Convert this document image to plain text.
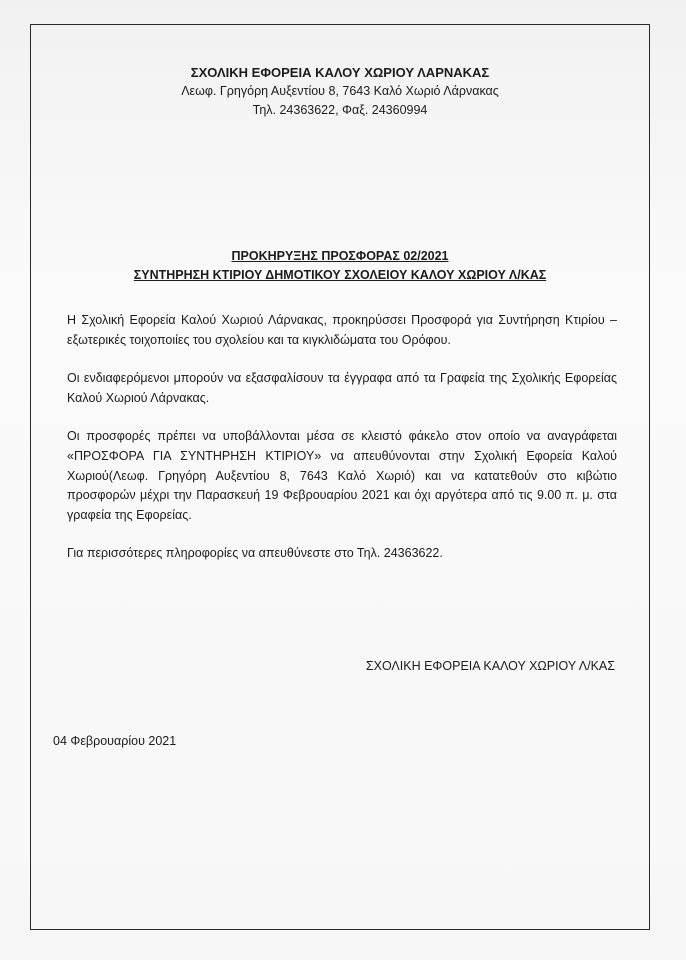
ΣΧΟΛΙΚΗ ΕΦΟΡΕΙΑ ΚΑΛΟΥ ΧΩΡΙΟΥ ΛΑΡΝΑΚΑΣ
Λεωφ. Γρηγόρη Αυξεντίου 8, 7643 Καλό Χωριό Λάρνακας
Τηλ. 24363622, Φαξ. 24360994
ΠΡΟΚΗΡΥΞΗΣ ΠΡΟΣΦΟΡΑΣ 02/2021
ΣΥΝΤΗΡΗΣΗ ΚΤΙΡΙΟΥ ΔΗΜΟΤΙΚΟΥ ΣΧΟΛΕΙΟΥ ΚΑΛΟΥ ΧΩΡΙΟΥ Λ/ΚΑΣ

Η Σχολική Εφορεία Καλού Χωριού Λάρνακας, προκηρύσσει Προσφορά για Συντήρηση Κτιρίου – εξωτερικές τοιχοποιίες του σχολείου και τα κιγκλιδώματα του Ορόφου.

Οι ενδιαφερόμενοι μπορούν να εξασφαλίσουν τα έγγραφα από τα Γραφεία της Σχολικής Εφορείας Καλού Χωριού Λάρνακας.

Οι προσφορές πρέπει να υποβάλλονται μέσα σε κλειστό φάκελο στον οποίο να αναγράφεται «ΠΡΟΣΦΟΡΑ ΓΙΑ ΣΥΝΤΗΡΗΣΗ ΚΤΙΡΙΟΥ» να απευθύνονται στην Σχολική Εφορεία Καλού Χωριού(Λεωφ. Γρηγόρη Αυξεντίου 8, 7643 Καλό Χωριό) και να κατατεθούν στο κιβώτιο προσφορών μέχρι την Παρασκευή 19 Φεβρουαρίου 2021 και όχι αργότερα από τις 9.00 π. μ. στα γραφεία της Εφορείας.

Για περισσότερες πληροφορίες να απευθύνεστε στο Τηλ. 24363622.

ΣΧΟΛΙΚΗ ΕΦΟΡΕΙΑ ΚΑΛΟΥ ΧΩΡΙΟΥ Λ/ΚΑΣ
04 Φεβρουαρίου 2021
